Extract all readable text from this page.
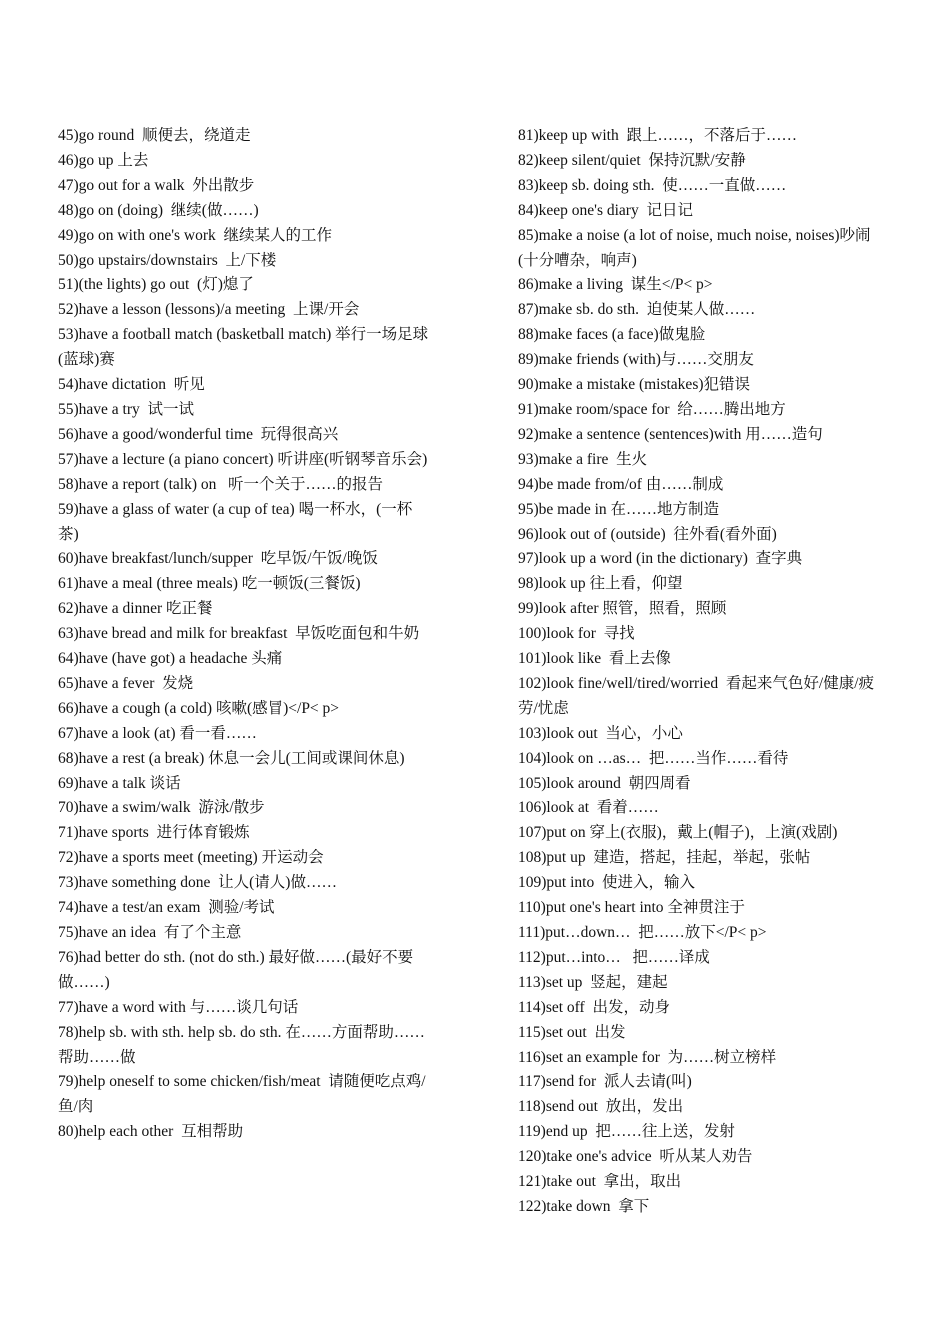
45)go round  顺便去，绕道走
46)go up 上去
47)go out for a walk  外出散步
48)go on (doing)  继续(做……)
49)go on with one's work  继续某人的工作
50)go upstairs/downstairs  上/下楼
51)(the lights) go out  (灯)熄了
52)have a lesson (lessons)/a meeting  上课/开会
53)have a football match (basketball match) 举行一场足球(蓝球)赛
54)have dictation  听见
55)have a try  试一试
56)have a good/wonderful time  玩得很高兴
57)have a lecture (a piano concert) 听讲座(听钢琴音乐会)
58)have a report (talk) on   听一个关于……的报告
59)have a glass of water (a cup of tea) 喝一杯水，(一杯茶)
60)have breakfast/lunch/supper  吃早饭/午饭/晚饭
61)have a meal (three meals) 吃一顿饭(三餐饭)
62)have a dinner 吃正餐
63)have bread and milk for breakfast  早饭吃面包和牛奶
64)have (have got) a headache 头痛
65)have a fever  发烧
66)have a cough (a cold) 咳嗽(感冒)</P< p>
67)have a look (at) 看一看……
68)have a rest (a break) 休息一会儿(工间或课间休息)
69)have a talk 谈话
70)have a swim/walk  游泳/散步
71)have sports  进行体育锻炼
72)have a sports meet (meeting) 开运动会
73)have something done  让人(请人)做……
74)have a test/an exam  测验/考试
75)have an idea  有了个主意
76)had better do sth. (not do sth.) 最好做……(最好不要做……)
77)have a word with 与……谈几句话
78)help sb. with sth. help sb. do sth. 在……方面帮助……  帮助……做
79)help oneself to some chicken/fish/meat  请随便吃点鸡/鱼/肉
80)help each other  互相帮助
81)keep up with  跟上……，不落后于……
82)keep silent/quiet  保持沉默/安静
83)keep sb. doing sth.  使……一直做……
84)keep one's diary  记日记
85)make a noise (a lot of noise, much noise, noises)吵闹(十分嘈杂，响声)
86)make a living  谋生</P< p>
87)make sb. do sth.  迫使某人做……
88)make faces (a face)做鬼脸
89)make friends (with)与……交朋友
90)make a mistake (mistakes)犯错误
91)make room/space for  给……腾出地方
92)make a sentence (sentences)with 用……造句
93)make a fire  生火
94)be made from/of 由……制成
95)be made in 在……地方制造
96)look out of (outside)  往外看(看外面)
97)look up a word (in the dictionary)  查字典
98)look up 往上看，仰望
99)look after 照管，照看，照顾
100)look for  寻找
101)look like  看上去像
102)look fine/well/tired/worried  看起来气色好/健康/疲劳/忧虑
103)look out  当心，小心
104)look on …as…  把……当作……看待
105)look around  朝四周看
106)look at  看着……
107)put on 穿上(衣服)，戴上(帽子)，上演(戏剧)
108)put up  建造，搭起，挂起，举起，张帖
109)put into  使进入，输入
110)put one's heart into 全神贯注于
111)put…down…  把……放下</P< p>
112)put…into…   把……译成
113)set up  竖起，建起
114)set off  出发，动身
115)set out  出发
116)set an example for  为……树立榜样
117)send for  派人去请(叫)
118)send out  放出，发出
119)end up  把……往上送，发射
120)take one's advice  听从某人劝告
121)take out  拿出，取出
122)take down  拿下
